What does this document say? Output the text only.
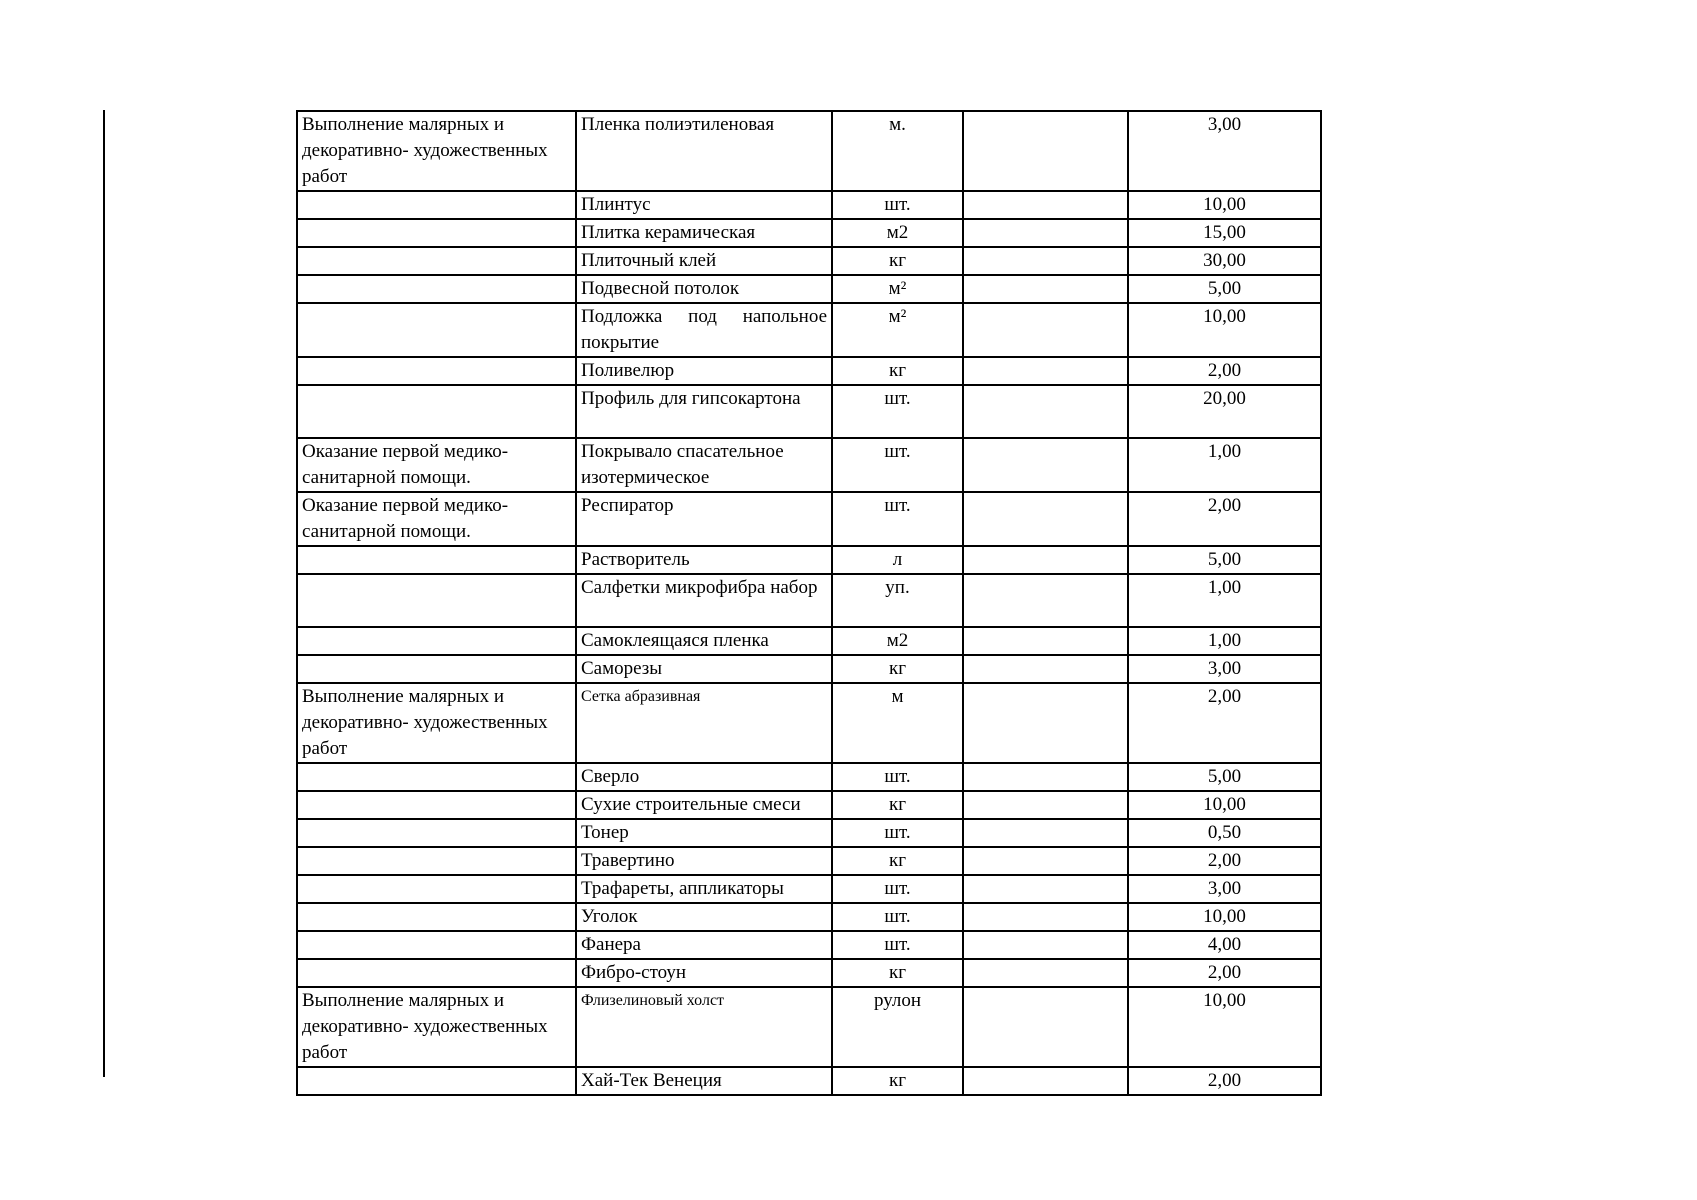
Выполнение малярных и декоративно- художественных работ	Пленка полиэтиленовая	м.		3,00
	Плинтус	шт.		10,00
	Плитка керамическая	м2		15,00
	Плиточный клей	кг		30,00
	Подвесной потолок	м²		5,00
	Подложка под напольное покрытие	м²		10,00
	Поливелюр	кг		2,00
	Профиль для гипсокартона	шт.		20,00
Оказание первой медико-санитарной помощи.	Покрывало спасательное изотермическое	шт.		1,00
Оказание первой медико-санитарной помощи.	Респиратор	шт.		2,00
	Растворитель	л		5,00
	Салфетки микрофибра набор	уп.		1,00
	Самоклеящаяся пленка	м2		1,00
	Саморезы	кг		3,00
Выполнение малярных и декоративно- художественных работ	Сетка абразивная	м		2,00
	Сверло	шт.		5,00
	Сухие строительные смеси	кг		10,00
	Тонер	шт.		0,50
	Травертино	кг		2,00
	Трафареты, аппликаторы	шт.		3,00
	Уголок	шт.		10,00
	Фанера	шт.		4,00
	Фибро-стоун	кг		2,00
Выполнение малярных и декоративно- художественных работ	Флизелиновый холст	рулон		10,00
	Хай-Тек Венеция	кг		2,00
